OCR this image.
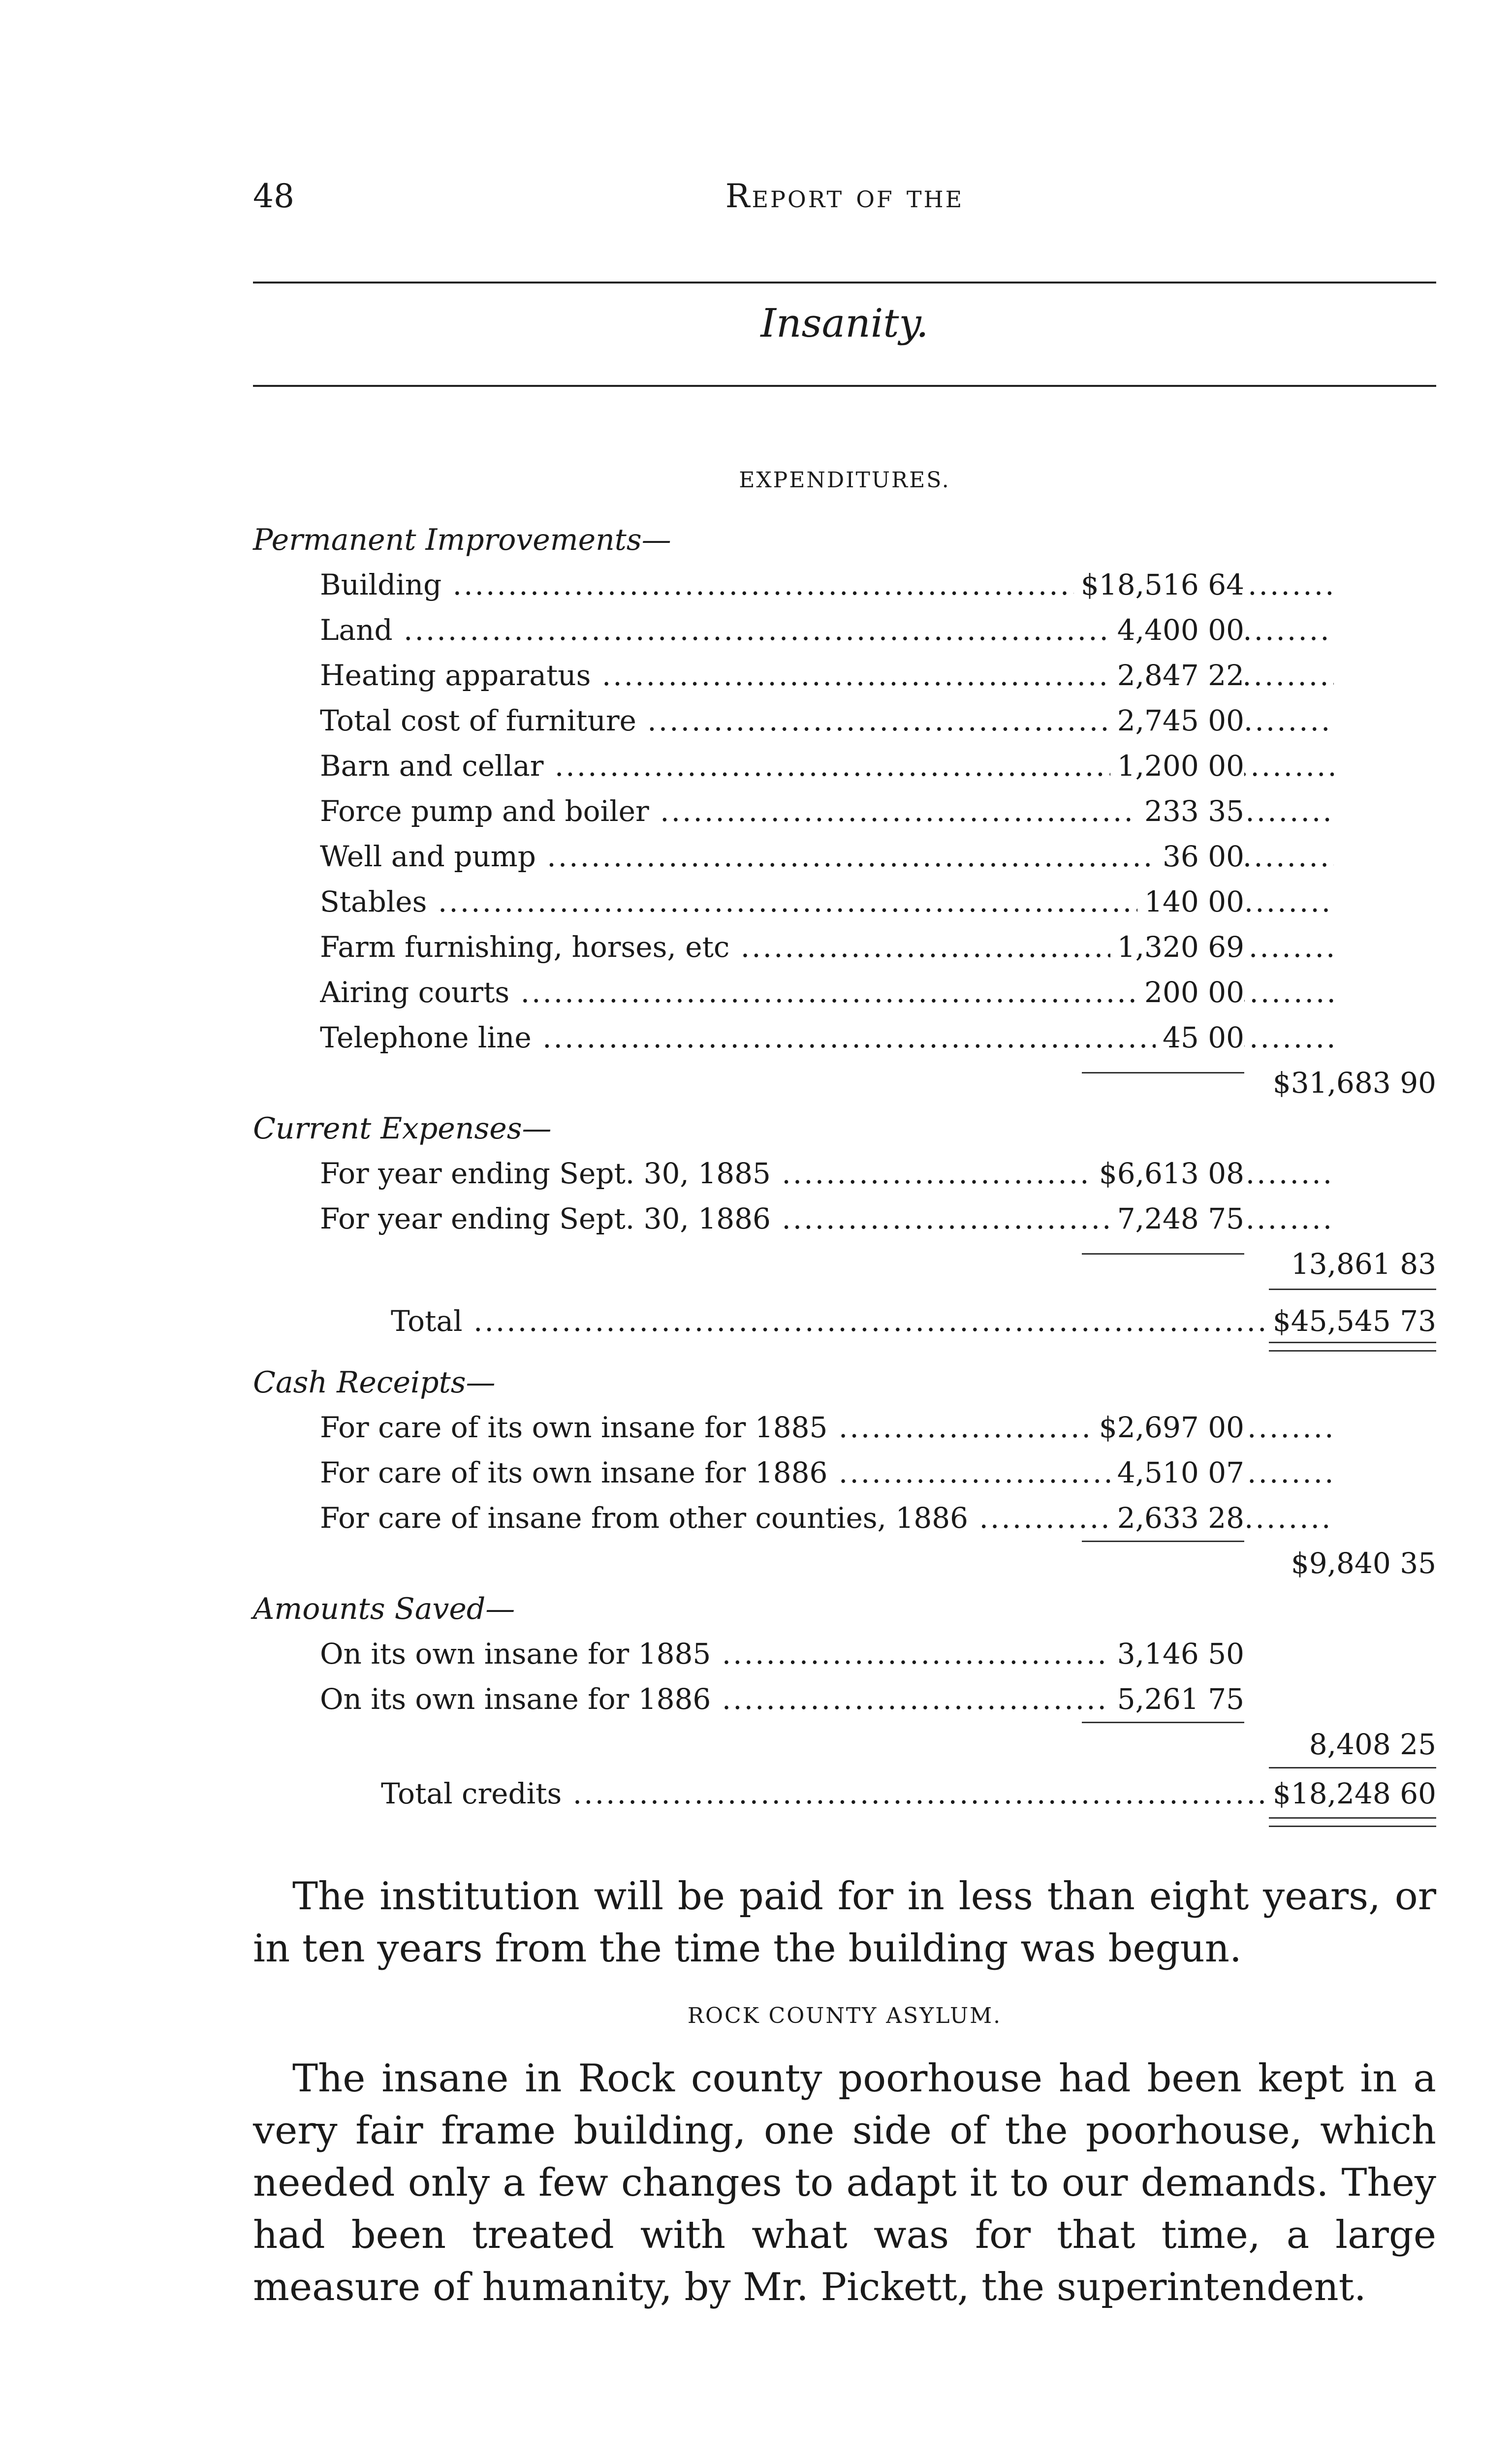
48	Report of the
Insanity.
EXPENDITURES.
Permanent Improvements—
Building .....	$18,516 64
Land .....	4,400 00
Heating apparatus .....	2,847 22
Total cost of furniture .....	2,745 00
Barn and cellar .....	1,200 00
Force pump and boiler .....	233 35
Well and pump .....	36 00
Stables .....	140 00
Farm furnishing, horses, etc .....	1,320 69
Airing courts .....	200 00
Telephone line .....	45 00
$31,683 90
Current Expenses—
For year ending Sept. 30, 1885 .....	$6,613 08
For year ending Sept. 30, 1886 .....	7,248 75
13,861 83
Total .....	$45,545 73
Cash Receipts—
For care of its own insane for 1885 .....	$2,697 00
For care of its own insane for 1886 .....	4,510 07
For care of insane from other counties, 1886 .....	2,633 28
$9,840 35
Amounts Saved—
On its own insane for 1885 .....	3,146 50
On its own insane for 1886 .....	5,261 75
8,408 25
Total credits .....	$18,248 60
The institution will be paid for in less than eight years, or in ten years from the time the building was begun.
ROCK COUNTY ASYLUM.
The insane in Rock county poorhouse had been kept in a very fair frame building, one side of the poorhouse, which needed only a few changes to adapt it to our demands. They had been treated with what was for that time, a large measure of humanity, by Mr. Pickett, the superintendent.
